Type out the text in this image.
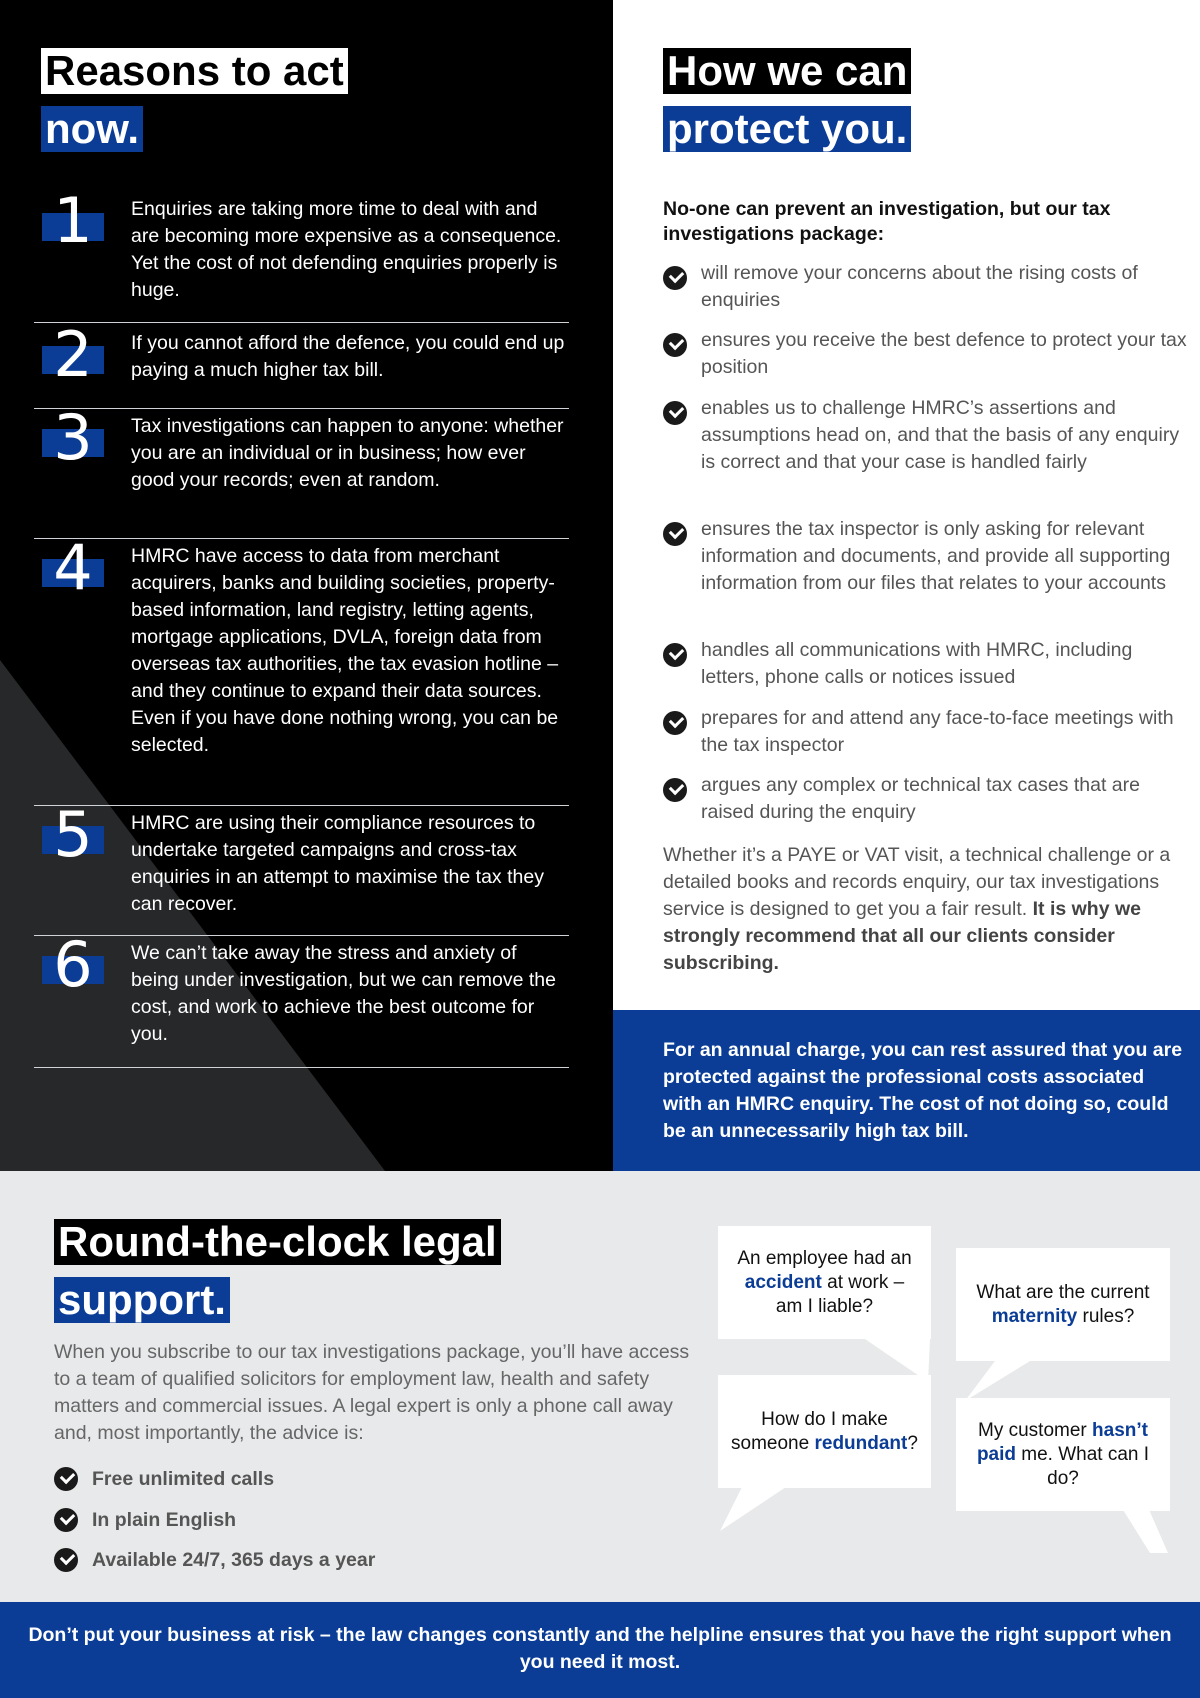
Reasons to act
now.
1	Enquiries are taking more time to deal with and are becoming more expensive as a consequence. Yet the cost of not defending enquiries properly is huge.
2	If you cannot afford the defence, you could end up paying a much higher tax bill.
3	Tax investigations can happen to anyone: whether you are an individual or in business; how ever good your records; even at random.
4	HMRC have access to data from merchant acquirers, banks and building societies, property-based information, land registry, letting agents, mortgage applications, DVLA, foreign data from overseas tax authorities, the tax evasion hotline – and they continue to expand their data sources. Even if you have done nothing wrong, you can be selected.
5	HMRC are using their compliance resources to undertake targeted campaigns and cross-tax enquiries in an attempt to maximise the tax they can recover.
6	We can’t take away the stress and anxiety of being under investigation, but we can remove the cost, and work to achieve the best outcome for you.
How we can
protect you.
No-one can prevent an investigation, but our tax investigations package:
will remove your concerns about the rising costs of enquiries
ensures you receive the best defence to protect your tax position
enables us to challenge HMRC’s assertions and assumptions head on, and that the basis of any enquiry is correct and that your case is handled fairly
ensures the tax inspector is only asking for relevant information and documents, and provide all supporting information from our files that relates to your accounts
handles all communications with HMRC, including letters, phone calls or notices issued
prepares for and attend any face-to-face meetings with the tax inspector
argues any complex or technical tax cases that are raised during the enquiry
Whether it’s a PAYE or VAT visit, a technical challenge or a detailed books and records enquiry, our tax investigations service is designed to get you a fair result. It is why we strongly recommend that all our clients consider subscribing.

For an annual charge, you can rest assured that you are protected against the professional costs associated with an HMRC enquiry. The cost of not doing so, could be an unnecessarily high tax bill.

Round-the-clock legal
support.

When you subscribe to our tax investigations package, you’ll have access to a team of qualified solicitors for employment law, health and safety matters and commercial issues. A legal expert is only a phone call away and, most importantly, the advice is:

Free unlimited calls
In plain English
Available 24/7, 365 days a year
An employee had an accident at work – am I liable?
What are the current maternity rules?
How do I make someone redundant?
My customer hasn’t paid me. What can I do?

Don’t put your business at risk – the law changes constantly and the helpline ensures that you have the right support when you need it most.
